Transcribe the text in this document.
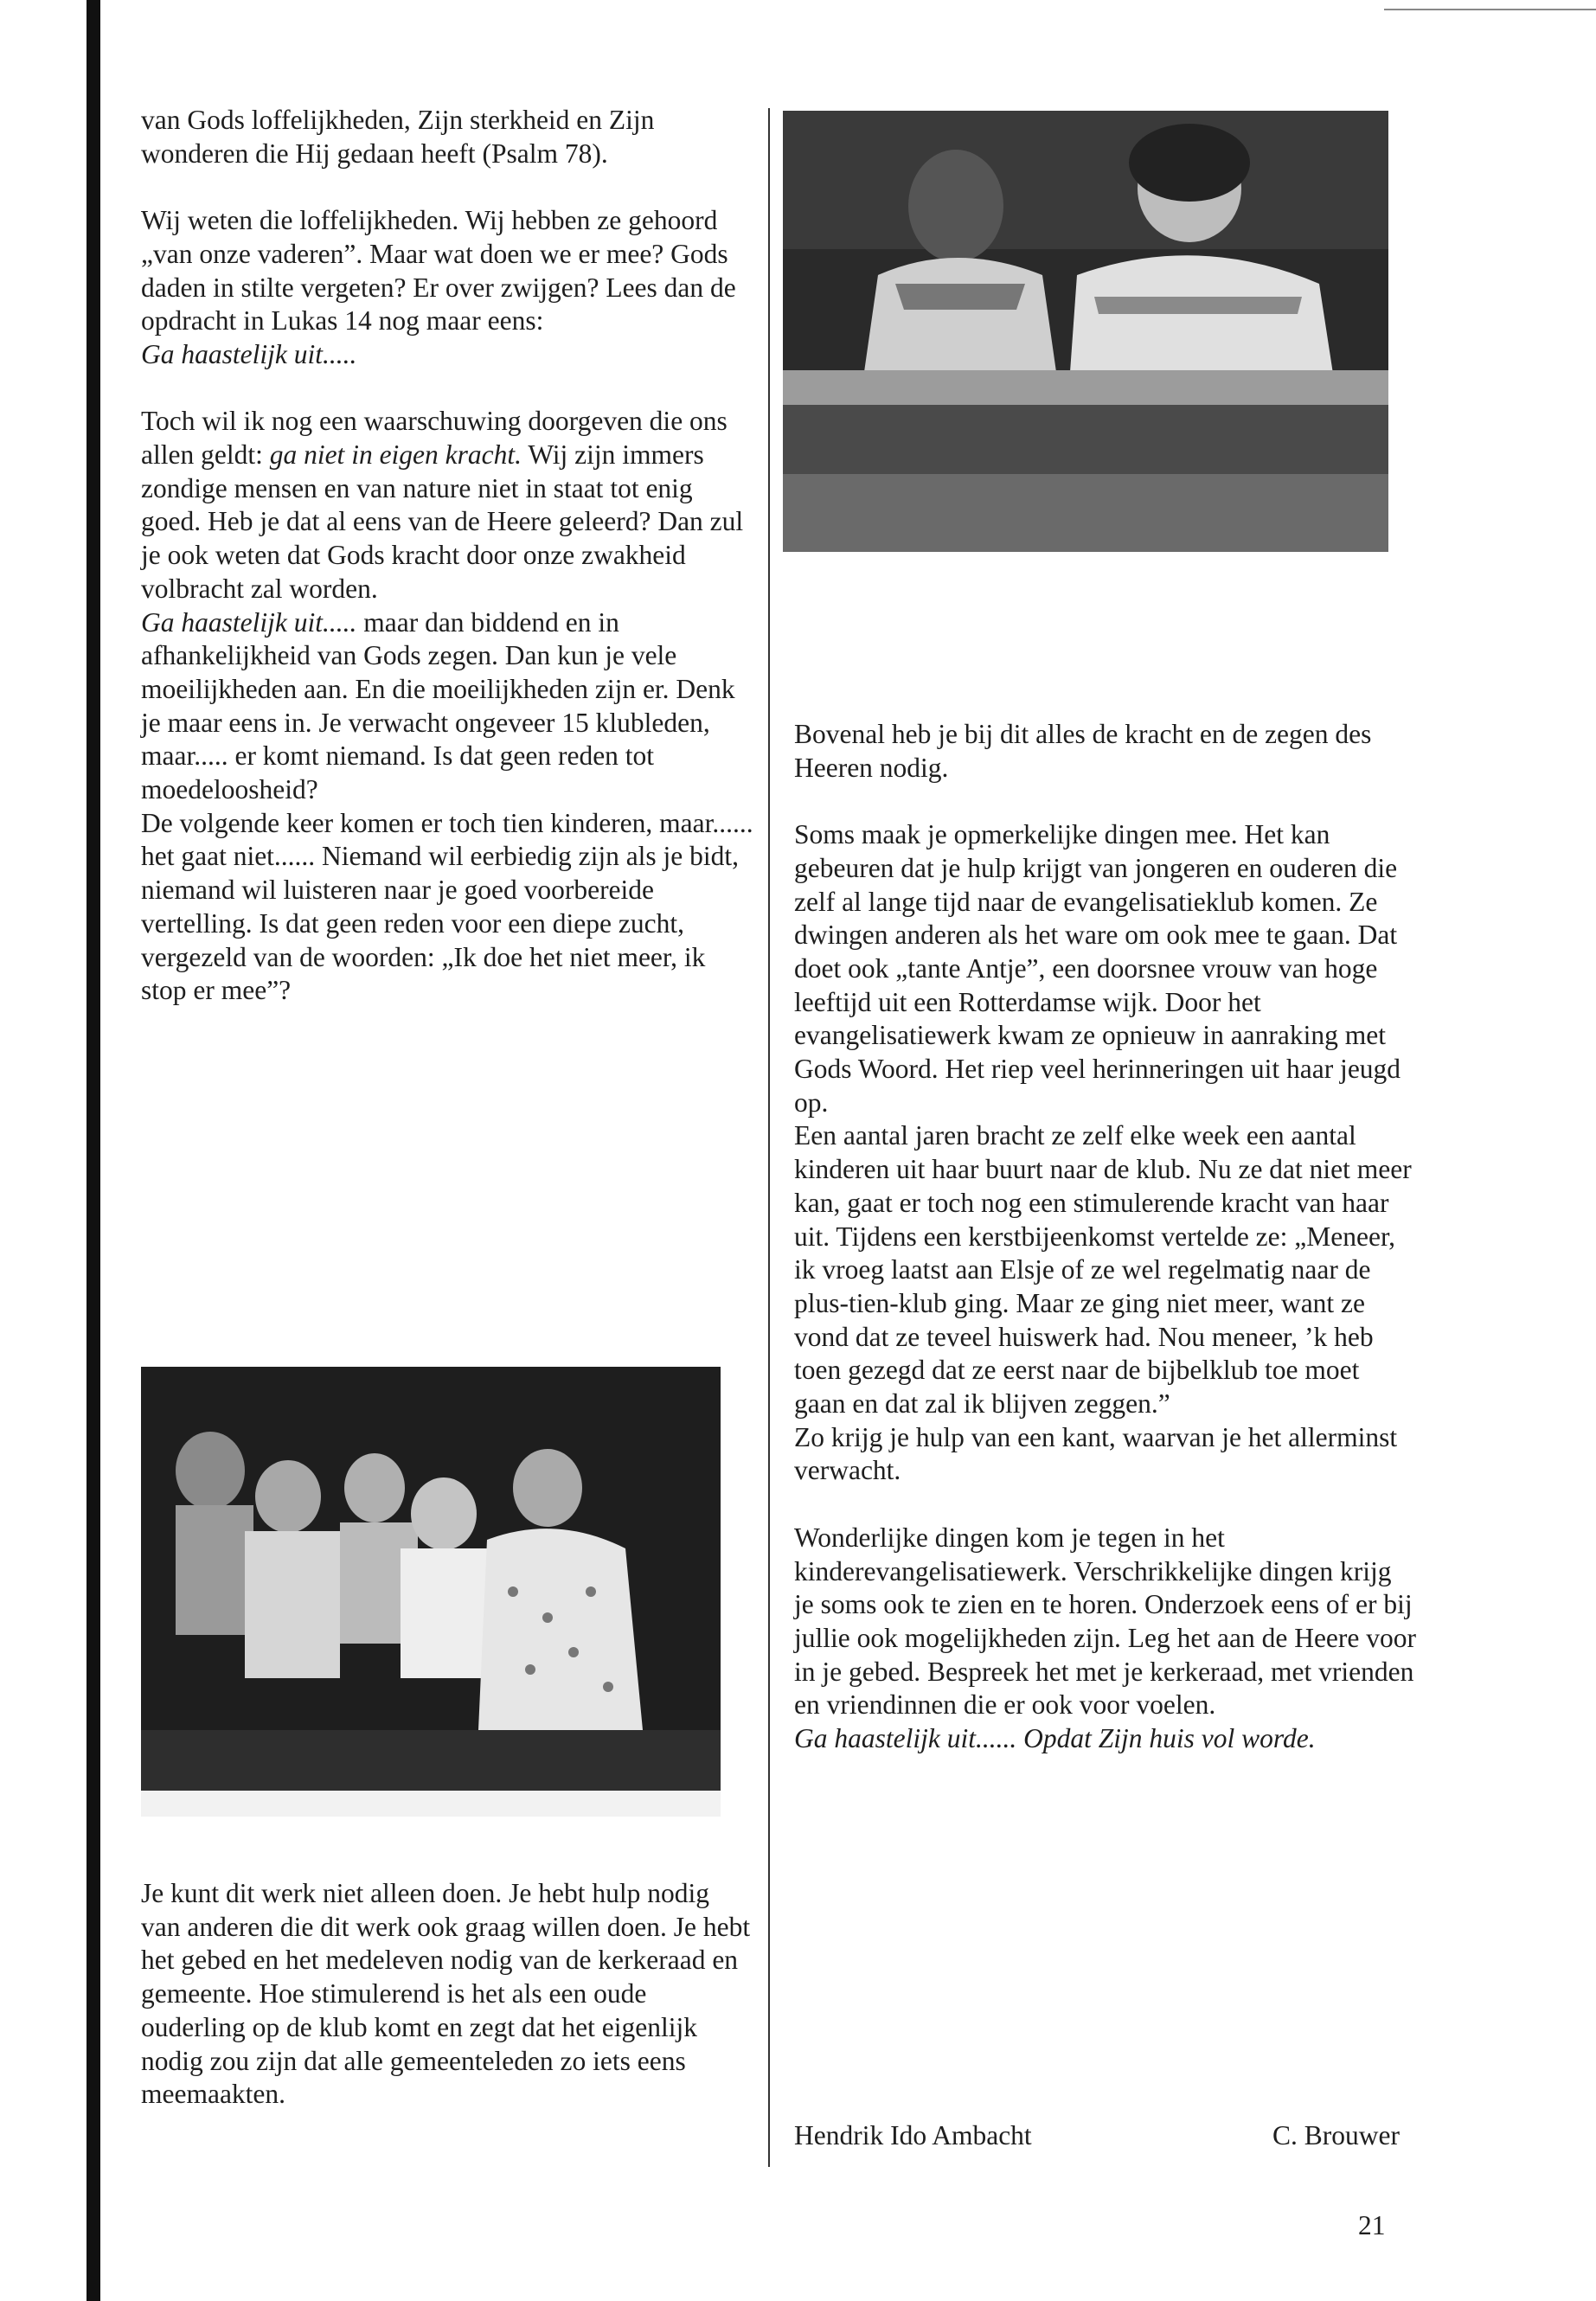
van Gods loffelijkheden, Zijn sterkheid en Zijn wonderen die Hij gedaan heeft (Psalm 78).

Wij weten die loffelijkheden. Wij hebben ze gehoord „van onze vaderen”. Maar wat doen we er mee? Gods daden in stilte vergeten? Er over zwijgen? Lees dan de opdracht in Lukas 14 nog maar eens:
Ga haastelijk uit.....

Toch wil ik nog een waarschuwing doorgeven die ons allen geldt: ga niet in eigen kracht. Wij zijn immers zondige mensen en van nature niet in staat tot enig goed. Heb je dat al eens van de Heere geleerd? Dan zul je ook weten dat Gods kracht door onze zwakheid volbracht zal worden.

Ga haastelijk uit..... maar dan biddend en in afhankelijkheid van Gods zegen. Dan kun je vele moeilijkheden aan. En die moeilijkheden zijn er. Denk je maar eens in. Je verwacht ongeveer 15 klubleden, maar..... er komt niemand. Is dat geen reden tot moedeloosheid?

De volgende keer komen er toch tien kinderen, maar...... het gaat niet...... Niemand wil eerbiedig zijn als je bidt, niemand wil luisteren naar je goed voorbereide vertelling. Is dat geen reden voor een diepe zucht, vergezeld van de woorden: „Ik doe het niet meer, ik stop er mee”?

Bovenal heb je bij dit alles de kracht en de zegen des Heeren nodig.

Soms maak je opmerkelijke dingen mee. Het kan gebeuren dat je hulp krijgt van jongeren en ouderen die zelf al lange tijd naar de evangelisatieklub komen. Ze dwingen anderen als het ware om ook mee te gaan. Dat doet ook „tante Antje”, een doorsnee vrouw van hoge leeftijd uit een Rotterdamse wijk. Door het evangelisatiewerk kwam ze opnieuw in aanraking met Gods Woord. Het riep veel herinneringen uit haar jeugd op.

Een aantal jaren bracht ze zelf elke week een aantal kinderen uit haar buurt naar de klub. Nu ze dat niet meer kan, gaat er toch nog een stimulerende kracht van haar uit. Tijdens een kerstbijeenkomst vertelde ze: „Meneer, ik vroeg laatst aan Elsje of ze wel regelmatig naar de plus-tien-klub ging. Maar ze ging niet meer, want ze vond dat ze teveel huiswerk had. Nou meneer, ’k heb toen gezegd dat ze eerst naar de bijbelklub toe moet gaan en dat zal ik blijven zeggen.”

Zo krijg je hulp van een kant, waarvan je het allerminst verwacht.

Wonderlijke dingen kom je tegen in het kinderevangelisatiewerk. Verschrikkelijke dingen krijg je soms ook te zien en te horen. Onderzoek eens of er bij jullie ook mogelijkheden zijn. Leg het aan de Heere voor in je gebed. Bespreek het met je kerkeraad, met vrienden en vriendinnen die er ook voor voelen.

Ga haastelijk uit...... Opdat Zijn huis vol worde.

Je kunt dit werk niet alleen doen. Je hebt hulp nodig van anderen die dit werk ook graag willen doen. Je hebt het gebed en het medeleven nodig van de kerkeraad en gemeente. Hoe stimulerend is het als een oude ouderling op de klub komt en zegt dat het eigenlijk nodig zou zijn dat alle gemeenteleden zo iets eens meemaakten.

Hendrik Ido Ambacht	C. Brouwer
21
